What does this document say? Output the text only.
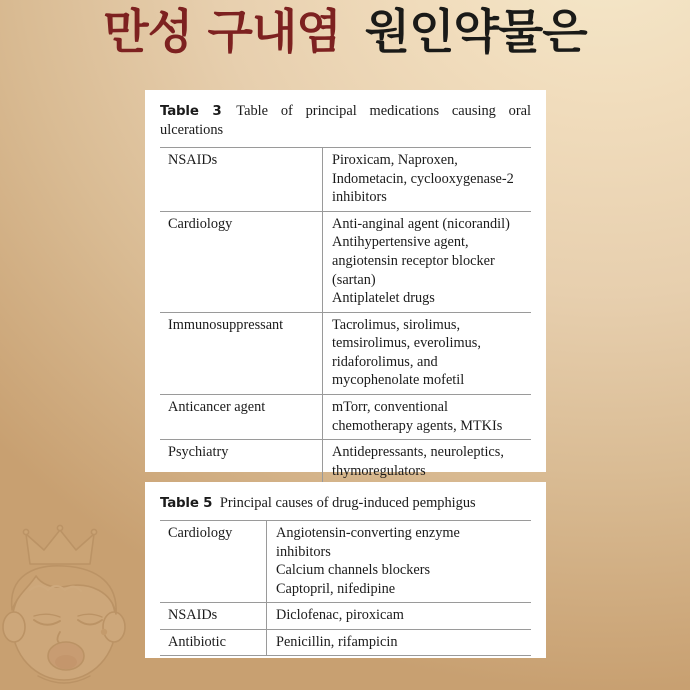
만성 구내염 원인약물은

Table 3 Table of principal medications causing oral ulcerations

NSAIDs	Piroxicam, Naproxen,
Indometacin, cyclooxygenase-2
inhibitors

Cardiology	Anti-anginal agent (nicorandil)
Antihypertensive agent,
angiotensin receptor blocker
(sartan)
Antiplatelet drugs

Immunosuppressant	Tacrolimus, sirolimus,
temsirolimus, everolimus,
ridaforolimus, and
mycophenolate mofetil

Anticancer agent	mTorr, conventional
chemotherapy agents, MTKIs

Psychiatry	Antidepressants, neuroleptics,
thymoregulators

Table 5 Principal causes of drug-induced pemphigus

Cardiology	Angiotensin-converting enzyme
inhibitors
Calcium channels blockers
Captopril, nifedipine

NSAIDs	Diclofenac, piroxicam

Antibiotic	Penicillin, rifampicin
